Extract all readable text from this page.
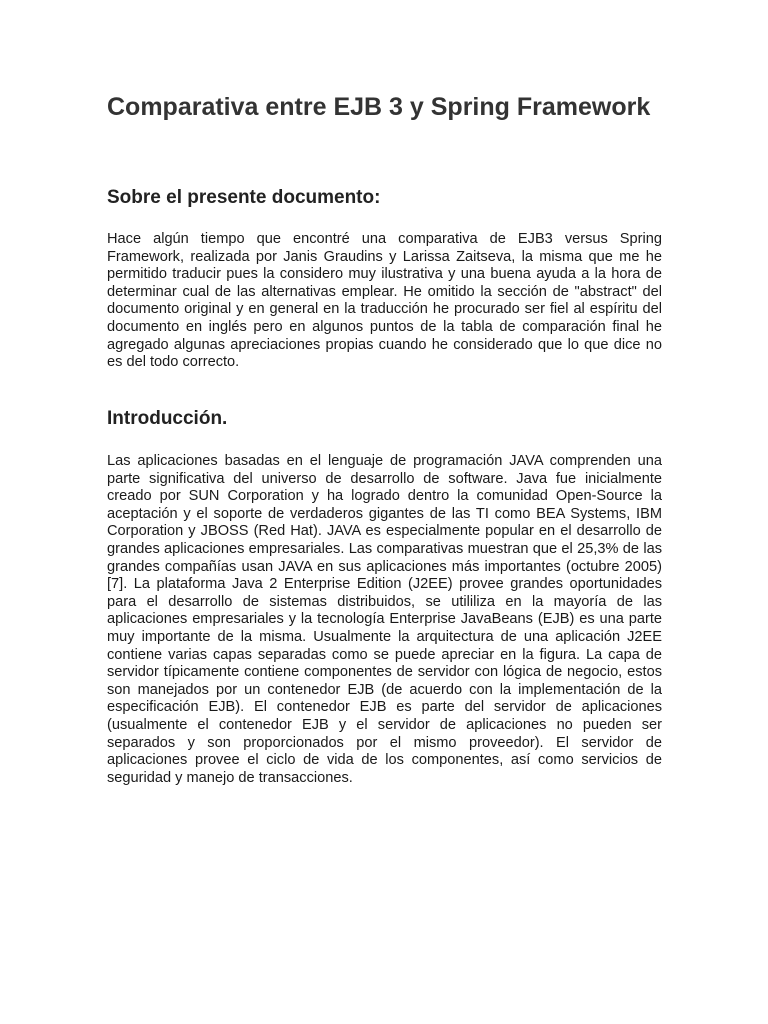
Comparativa entre EJB 3 y Spring Framework
Sobre el presente documento:

Hace algún tiempo que encontré una comparativa de EJB3 versus Spring Framework, realizada por Janis Graudins y Larissa Zaitseva, la misma que me he permitido traducir pues la considero muy ilustrativa y una buena ayuda a la hora de determinar cual de las alternativas emplear. He omitido la sección de "abstract" del documento original y en general en la traducción he procurado ser fiel al espíritu del documento en inglés pero en algunos puntos de la tabla de comparación final he agregado algunas apreciaciones propias cuando he considerado que lo que dice no es del todo correcto.

Introducción.

Las aplicaciones basadas en el lenguaje de programación JAVA comprenden una parte significativa del universo de desarrollo de software. Java fue inicialmente creado por SUN Corporation y ha logrado dentro la comunidad Open-Source la aceptación y el soporte de verdaderos gigantes de las TI como BEA Systems, IBM Corporation y JBOSS (Red Hat). JAVA es especialmente popular en el desarrollo de grandes aplicaciones empresariales. Las comparativas muestran que el 25,3% de las grandes compañías usan JAVA en sus aplicaciones más importantes (octubre 2005) [7]. La plataforma Java 2 Enterprise Edition (J2EE) provee grandes oportunidades para el desarrollo de sistemas distribuidos, se utililiza en la mayoría de las aplicaciones empresariales y la tecnología Enterprise JavaBeans (EJB) es una parte muy importante de la misma. Usualmente la arquitectura de una aplicación J2EE contiene varias capas separadas como se puede apreciar en la figura. La capa de servidor típicamente contiene componentes de servidor con lógica de negocio, estos son manejados por un contenedor EJB (de acuerdo con la implementación de la especificación EJB). El contenedor EJB es parte del servidor de aplicaciones (usualmente el contenedor EJB y el servidor de aplicaciones no pueden ser separados y son proporcionados por el mismo proveedor). El servidor de aplicaciones provee el ciclo de vida de los componentes, así como servicios de seguridad y manejo de transacciones.
